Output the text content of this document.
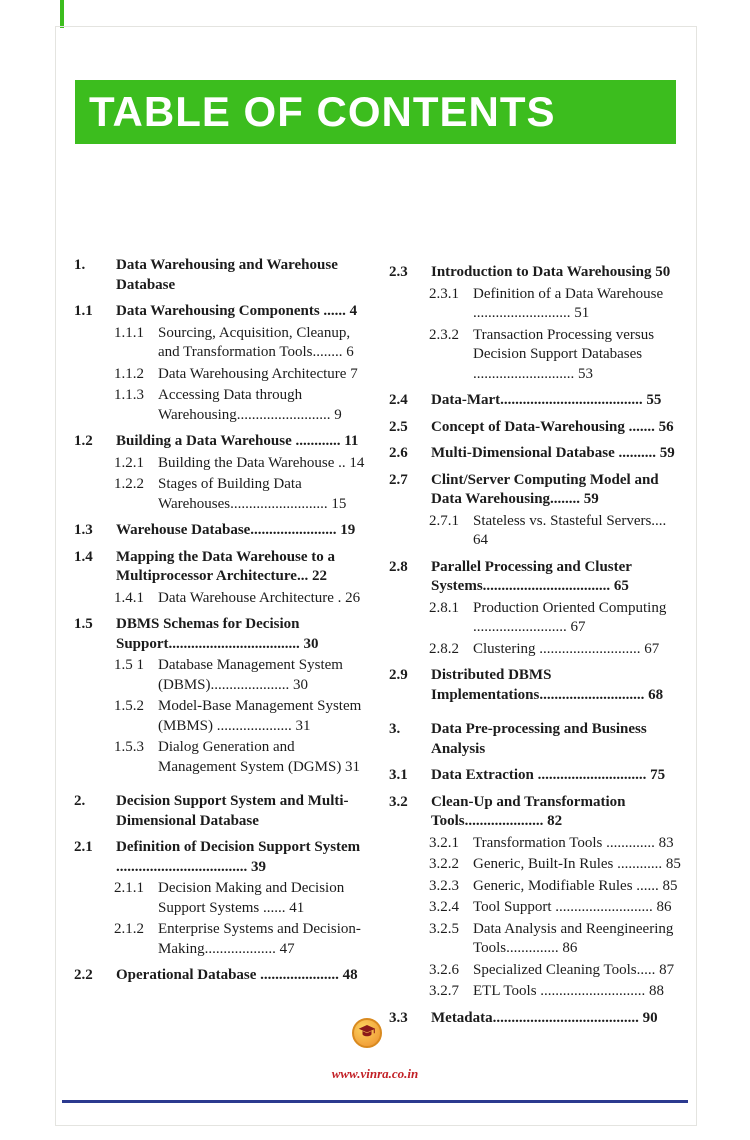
TABLE OF CONTENTS
1.	Data Warehousing and Warehouse Database
1.1	Data Warehousing Components ...... 4
1.1.1 Sourcing, Acquisition, Cleanup, and Transformation Tools........ 6
1.1.2 Data Warehousing Architecture 7
1.1.3 Accessing Data through Warehousing......................... 9
1.2	Building a Data Warehouse ............ 11
1.2.1 Building the Data Warehouse .. 14
1.2.2 Stages of Building Data Warehouses.......................... 15
1.3	Warehouse Database....................... 19
1.4	Mapping the Data Warehouse to a Multiprocessor Architecture... 22
1.4.1 Data Warehouse Architecture . 26
1.5	DBMS Schemas for Decision Support................................... 30
1.5 1 Database Management System (DBMS)..................... 30
1.5.2 Model-Base Management System (MBMS) .................... 31
1.5.3 Dialog Generation and Management System (DGMS) 31
2.	Decision Support System and Multi-Dimensional Database
2.1	Definition of Decision Support System ................................... 39
2.1.1 Decision Making and Decision Support Systems ...... 41
2.1.2 Enterprise Systems and Decision-Making................... 47
2.2	Operational Database ..................... 48
2.3	Introduction to Data Warehousing 50
2.3.1 Definition of a Data Warehouse .......................... 51
2.3.2 Transaction Processing versus Decision Support Databases ........................... 53
2.4	Data-Mart...................................... 55
2.5	Concept of Data-Warehousing ....... 56
2.6	Multi-Dimensional Database .......... 59
2.7	Clint/Server Computing Model and Data Warehousing........ 59
2.7.1 Stateless vs. Stasteful Servers.... 64
2.8	Parallel Processing and Cluster Systems.................................. 65
2.8.1 Production Oriented Computing ......................... 67
2.8.2 Clustering ........................... 67
2.9	Distributed DBMS Implementations............................ 68
3.	Data Pre-processing and Business Analysis
3.1	Data Extraction ............................. 75
3.2	Clean-Up and Transformation Tools..................... 82
3.2.1 Transformation Tools ............. 83
3.2.2 Generic, Built-In Rules ............ 85
3.2.3 Generic, Modifiable Rules ...... 85
3.2.4 Tool Support .......................... 86
3.2.5 Data Analysis and Reengineering Tools.............. 86
3.2.6 Specialized Cleaning Tools..... 87
3.2.7 ETL Tools ............................ 88
3.3	Metadata....................................... 90
www.vinra.co.in
